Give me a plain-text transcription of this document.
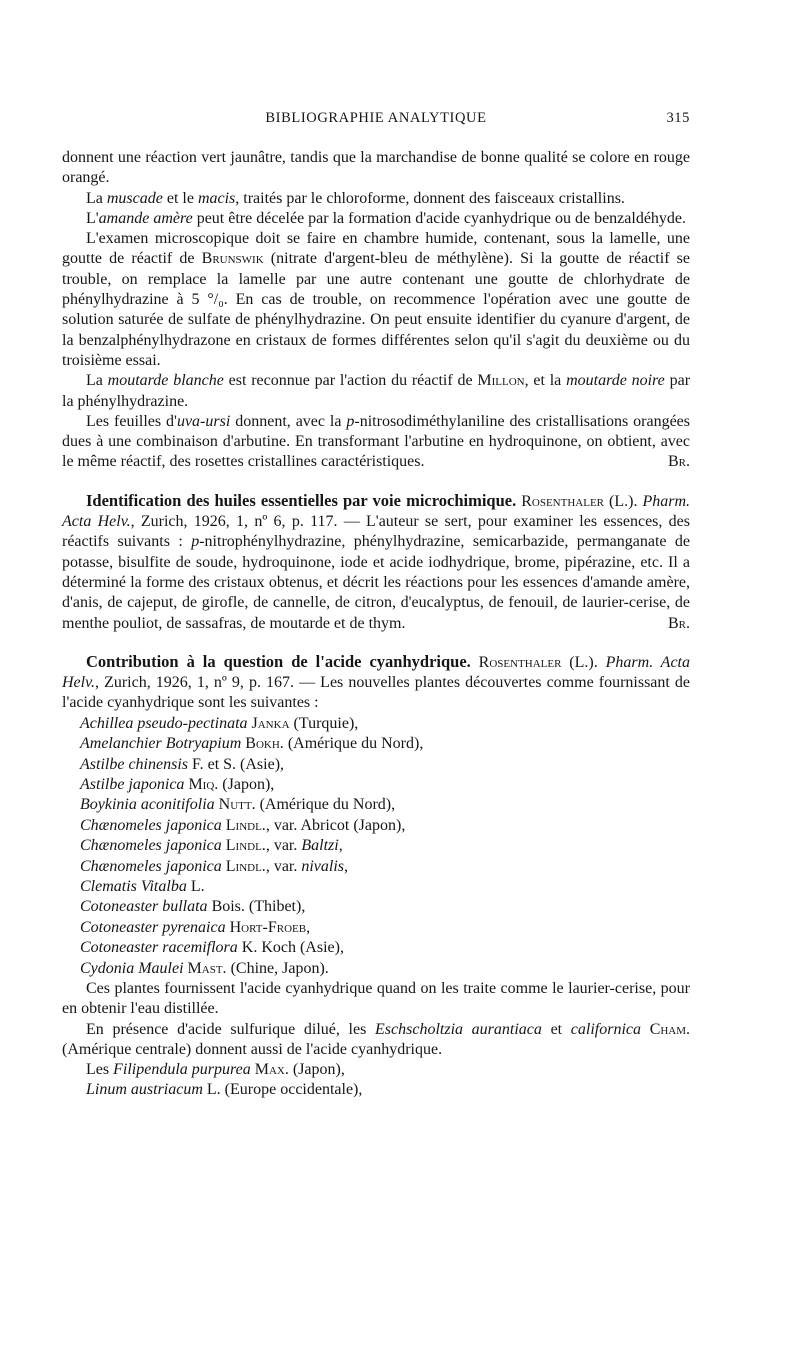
BIBLIOGRAPHIE ANALYTIQUE	315

donnent une réaction vert jaunâtre, tandis que la marchandise de bonne qualité se colore en rouge orangé.

La muscade et le macis, traités par le chloroforme, donnent des faisceaux cristallins.

L'amande amère peut être décelée par la formation d'acide cyanhydrique ou de benzaldéhyde.

L'examen microscopique doit se faire en chambre humide, contenant, sous la lamelle, une goutte de réactif de Brunswik (nitrate d'argent-bleu de méthylène). Si la goutte de réactif se trouble, on remplace la lamelle par une autre contenant une goutte de chlorhydrate de phénylhydrazine à 5 °/₀. En cas de trouble, on recommence l'opération avec une goutte de solution saturée de sulfate de phénylhydrazine. On peut ensuite identifier du cyanure d'argent, de la benzalphénylhydrazone en cristaux de formes différentes selon qu'il s'agit du deuxième ou du troisième essai.

La moutarde blanche est reconnue par l'action du réactif de Millon, et la moutarde noire par la phénylhydrazine.

Les feuilles d'uva-ursi donnent, avec la p-nitrosodiméthylaniline des cristallisations orangées dues à une combinaison d'arbutine. En transformant l'arbutine en hydroquinone, on obtient, avec le même réactif, des rosettes cristallines caractéristiques.	Br.

Identification des huiles essentielles par voie microchimique. Rosenthaler (L.). Pharm. Acta Helv., Zurich, 1926, 1, nº 6, p. 117. — L'auteur se sert, pour examiner les essences, des réactifs suivants : p-nitrophénylhydrazine, phénylhydrazine, semicarbazide, permanganate de potasse, bisulfite de soude, hydroquinone, iode et acide iodhydrique, brome, pipérazine, etc. Il a déterminé la forme des cristaux obtenus, et décrit les réactions pour les essences d'amande amère, d'anis, de cajeput, de girofle, de cannelle, de citron, d'eucalyptus, de fenouil, de laurier-cerise, de menthe pouliot, de sassafras, de moutarde et de thym.	Br.

Contribution à la question de l'acide cyanhydrique. Rosenthaler (L.). Pharm. Acta Helv., Zurich, 1926, 1, nº 9, p. 167. — Les nouvelles plantes découvertes comme fournissant de l'acide cyanhydrique sont les suivantes :

Achillea pseudo-pectinata Janka (Turquie),
Amelanchier Botryapium Bokh. (Amérique du Nord),
Astilbe chinensis F. et S. (Asie),
Astilbe japonica Miq. (Japon),
Boykinia aconitifolia Nutt. (Amérique du Nord),
Chænomeles japonica Lindl., var. Abricot (Japon),
Chænomeles japonica Lindl., var. Baltzi,
Chænomeles japonica Lindl., var. nivalis,
Clematis Vitalba L.
Cotoneaster bullata Bois. (Thibet),
Cotoneaster pyrenaica Hort-Froeb,
Cotoneaster racemiflora K. Koch (Asie),
Cydonia Maulei Mast. (Chine, Japon).

Ces plantes fournissent l'acide cyanhydrique quand on les traite comme le laurier-cerise, pour en obtenir l'eau distillée.

En présence d'acide sulfurique dilué, les Eschscholtzia aurantiaca et californica Cham. (Amérique centrale) donnent aussi de l'acide cyanhydrique.

Les Filipendula purpurea Max. (Japon),

Linum austriacum L. (Europe occidentale),
